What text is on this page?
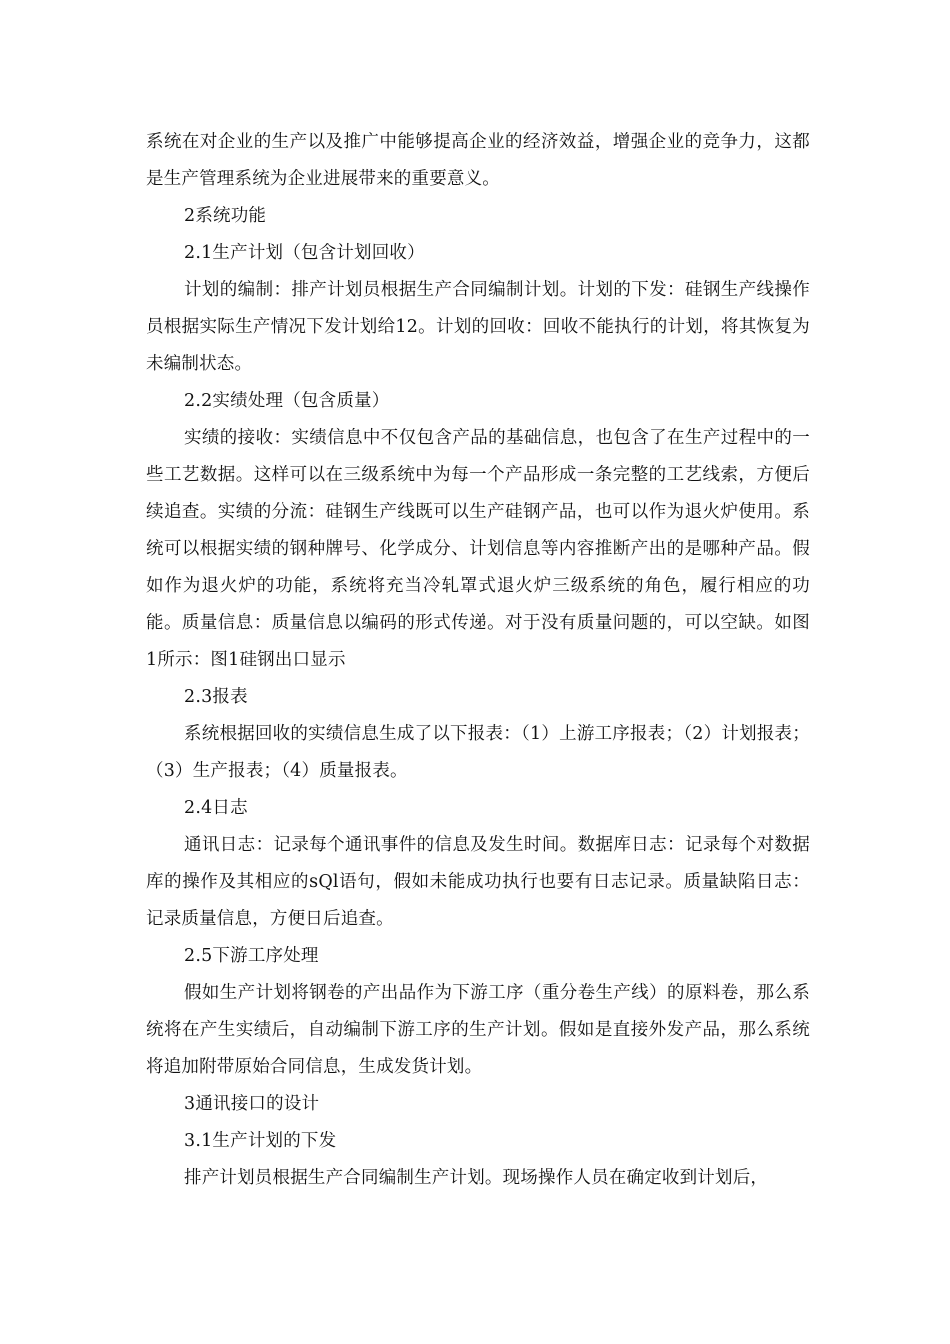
系统在对企业的生产以及推广中能够提高企业的经济效益，增强企业的竞争力，这都是生产管理系统为企业进展带来的重要意义。

2系统功能

2.1生产计划（包含计划回收）

计划的编制：排产计划员根据生产合同编制计划。计划的下发：硅钢生产线操作员根据实际生产情况下发计划给12。计划的回收：回收不能执行的计划，将其恢复为未编制状态。

2.2实绩处理（包含质量）

实绩的接收：实绩信息中不仅包含产品的基础信息，也包含了在生产过程中的一些工艺数据。这样可以在三级系统中为每一个产品形成一条完整的工艺线索，方便后续追查。实绩的分流：硅钢生产线既可以生产硅钢产品，也可以作为退火炉使用。系统可以根据实绩的钢种牌号、化学成分、计划信息等内容推断产出的是哪种产品。假如作为退火炉的功能，系统将充当冷轧罩式退火炉三级系统的角色，履行相应的功能。质量信息：质量信息以编码的形式传递。对于没有质量问题的，可以空缺。如图1所示：图1硅钢出口显示

2.3报表

系统根据回收的实绩信息生成了以下报表：（1）上游工序报表；（2）计划报表；（3）生产报表；（4）质量报表。

2.4日志

通讯日志：记录每个通讯事件的信息及发生时间。数据库日志：记录每个对数据库的操作及其相应的sQl语句，假如未能成功执行也要有日志记录。质量缺陷日志：记录质量信息，方便日后追查。

2.5下游工序处理

假如生产计划将钢卷的产出品作为下游工序（重分卷生产线）的原料卷，那么系统将在产生实绩后，自动编制下游工序的生产计划。假如是直接外发产品，那么系统将追加附带原始合同信息，生成发货计划。

3通讯接口的设计

3.1生产计划的下发

排产计划员根据生产合同编制生产计划。现场操作人员在确定收到计划后，
